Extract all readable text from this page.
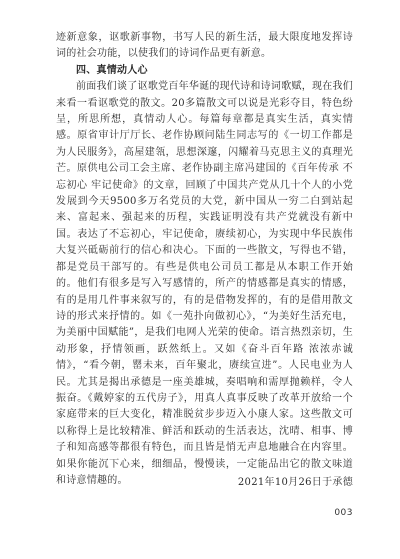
迹新意象，讴歌新事物，书写人民的新生活，最大限度地发挥诗词的社会功能，以使我们的诗词作品更有新意。

四、真情动人心

前面我们谈了讴歌党百年华诞的现代诗和诗词歌赋，现在我们来看一看讴歌党的散文。20多篇散文可以说是光彩夺目，特色纷呈，所思所想，真情动人心。每篇每章都是真实生活，真实情感。原省审计厅厅长、老作协顾问陆生同志写的《一切工作都是为人民服务》，高屋建瓴，思想深邃，闪耀着马克思主义的真理光芒。原供电公司工会主席、老作协副主席冯建国的《百年传承 不忘初心 牢记使命》的文章，回顾了中国共产党从几十个人的小党发展到今天9500多万名党员的大党，新中国从一穷二白到站起来、富起来、强起来的历程，实践证明没有共产党就没有新中国。表达了不忘初心，牢记使命，赓续初心，为实现中华民族伟大复兴砥砺前行的信心和决心。下面的一些散文，写得也不错，都是党员干部写的。有些是供电公司员工都是从本职工作开始的。他们有很多是写入写感情的，所产的情感都是真实的情感，有的是用几件事来叙写的，有的是借物发挥的，有的是借用散文诗的形式来抒情的。如《一苑扑向做初心》，“为美好生活充电，为美丽中国赋能”，是我们电网人光荣的使命。语言热烈亲切，生动形象，抒情领画，跃然纸上。又如《奋斗百年路 浓浓赤诚情》，“看今朝，罂未来，百年聚北，赓续宣进”。人民电业为人民。尤其是揭出承德是一座美雄城，奏唱响和需厚抛赖样，令人振奋。《戴婷家的五代房子》，用真人真事反映了改革开放给一个家庭带来的巨大变化，精准脱贫步步迈入小康人家。这些散文可以称得上是比较精准、鲜活和跃动的生活表达，沈晴、相事、博子和知高感等都很有特色，而且皆是悄无声息地融合在内容里。如果你能沉下心来，细细品，慢慢读，一定能品出它的散文味道和诗意情趣的。	2021年10月26日于承德
003
